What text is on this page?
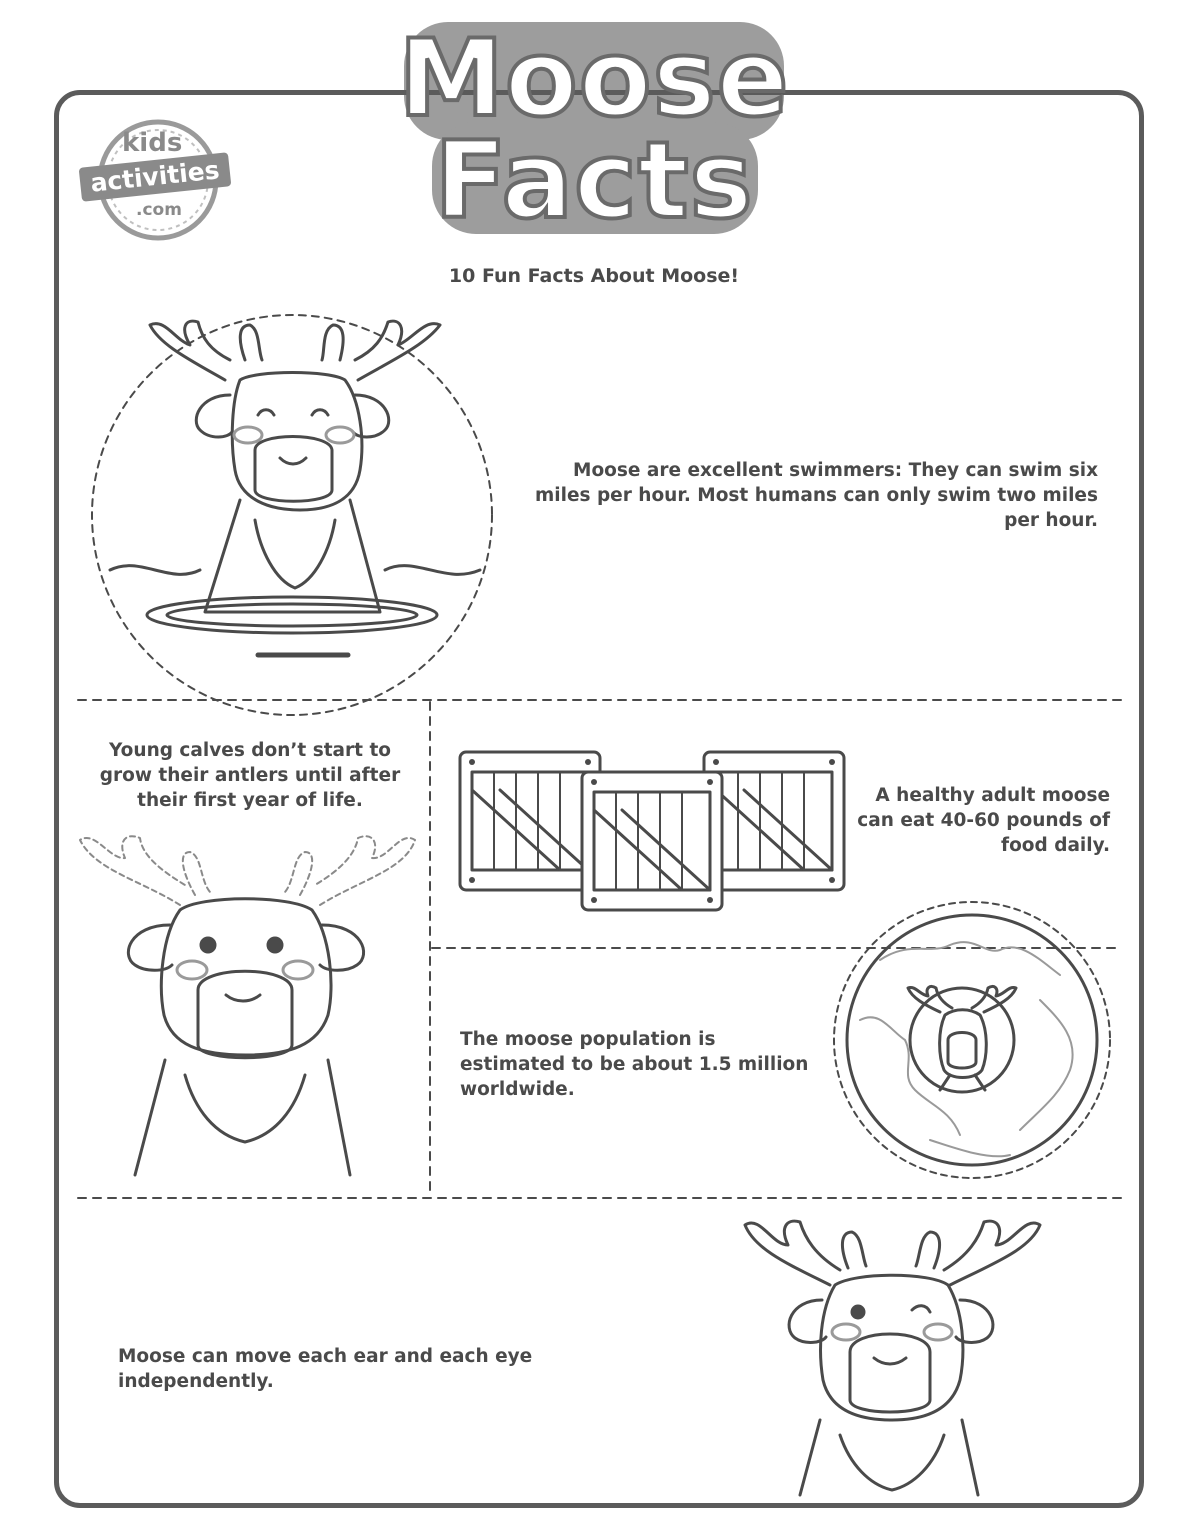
Moose
Facts
kids
activities
.com
10 Fun Facts About Moose!
Moose are excellent swimmers: They can swim six miles per hour. Most humans can only swim two miles per hour.
Young calves don’t start to grow their antlers until after their first year of life.	A healthy adult moose can eat 40-60 pounds of food daily.
The moose population is estimated to be about 1.5 million worldwide.
Moose can move each ear and each eye independently.
